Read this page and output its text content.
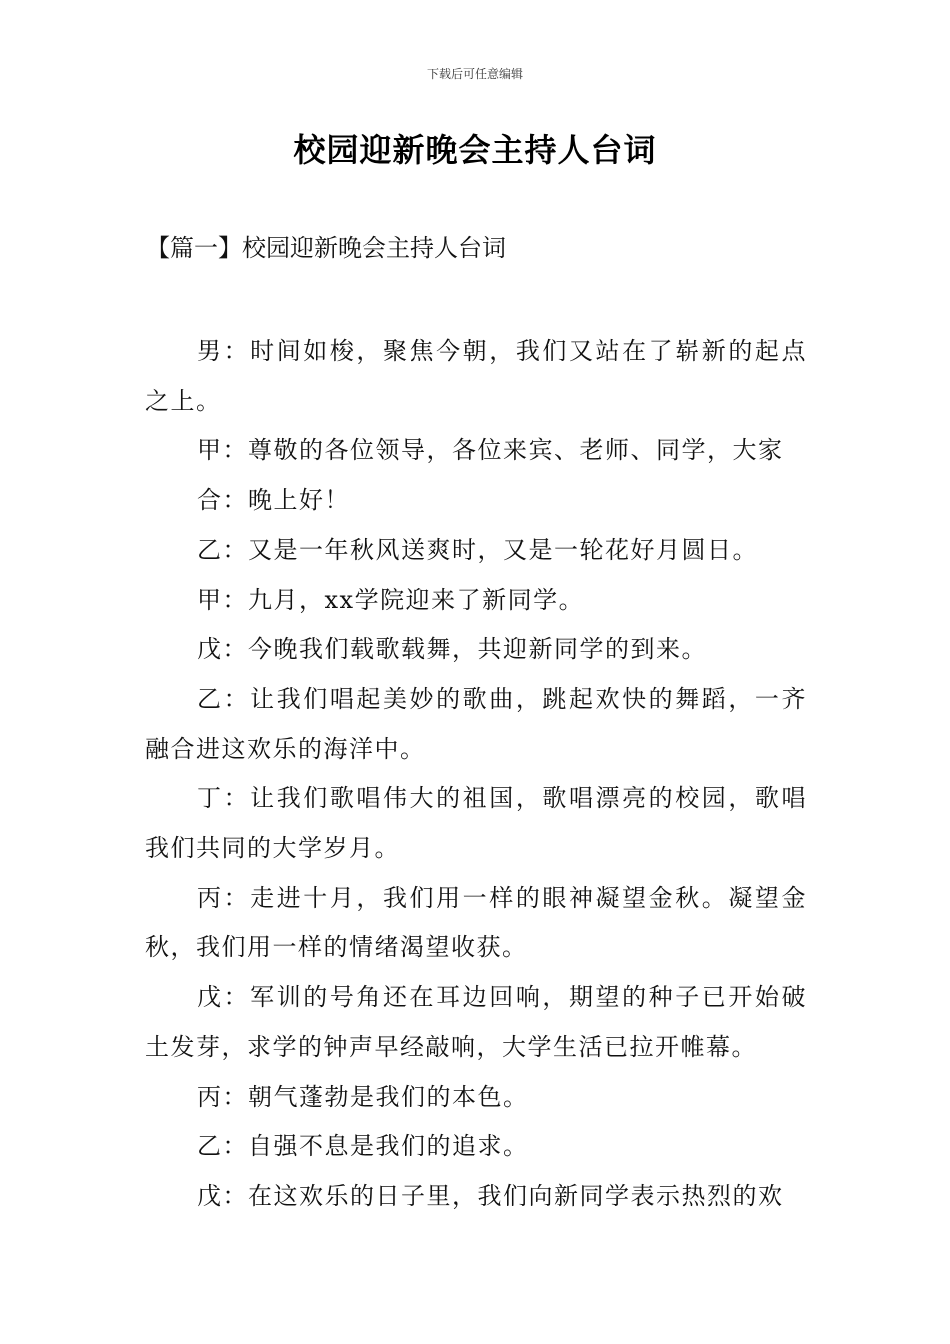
下载后可任意编辑
校园迎新晚会主持人台词
【篇一】校园迎新晚会主持人台词

男：时间如梭，聚焦今朝，我们又站在了崭新的起点之上。

甲：尊敬的各位领导，各位来宾、老师、同学，大家

合：晚上好！

乙：又是一年秋风送爽时，又是一轮花好月圆日。

甲：九月，xx学院迎来了新同学。

戊：今晚我们载歌载舞，共迎新同学的到来。

乙：让我们唱起美妙的歌曲，跳起欢快的舞蹈，一齐融合进这欢乐的海洋中。

丁：让我们歌唱伟大的祖国，歌唱漂亮的校园，歌唱我们共同的大学岁月。

丙：走进十月，我们用一样的眼神凝望金秋。凝望金秋，我们用一样的情绪渴望收获。

戊：军训的号角还在耳边回响，期望的种子已开始破土发芽，求学的钟声早经敲响，大学生活已拉开帷幕。

丙：朝气蓬勃是我们的本色。

乙：自强不息是我们的追求。

戊：在这欢乐的日子里，我们向新同学表示热烈的欢
